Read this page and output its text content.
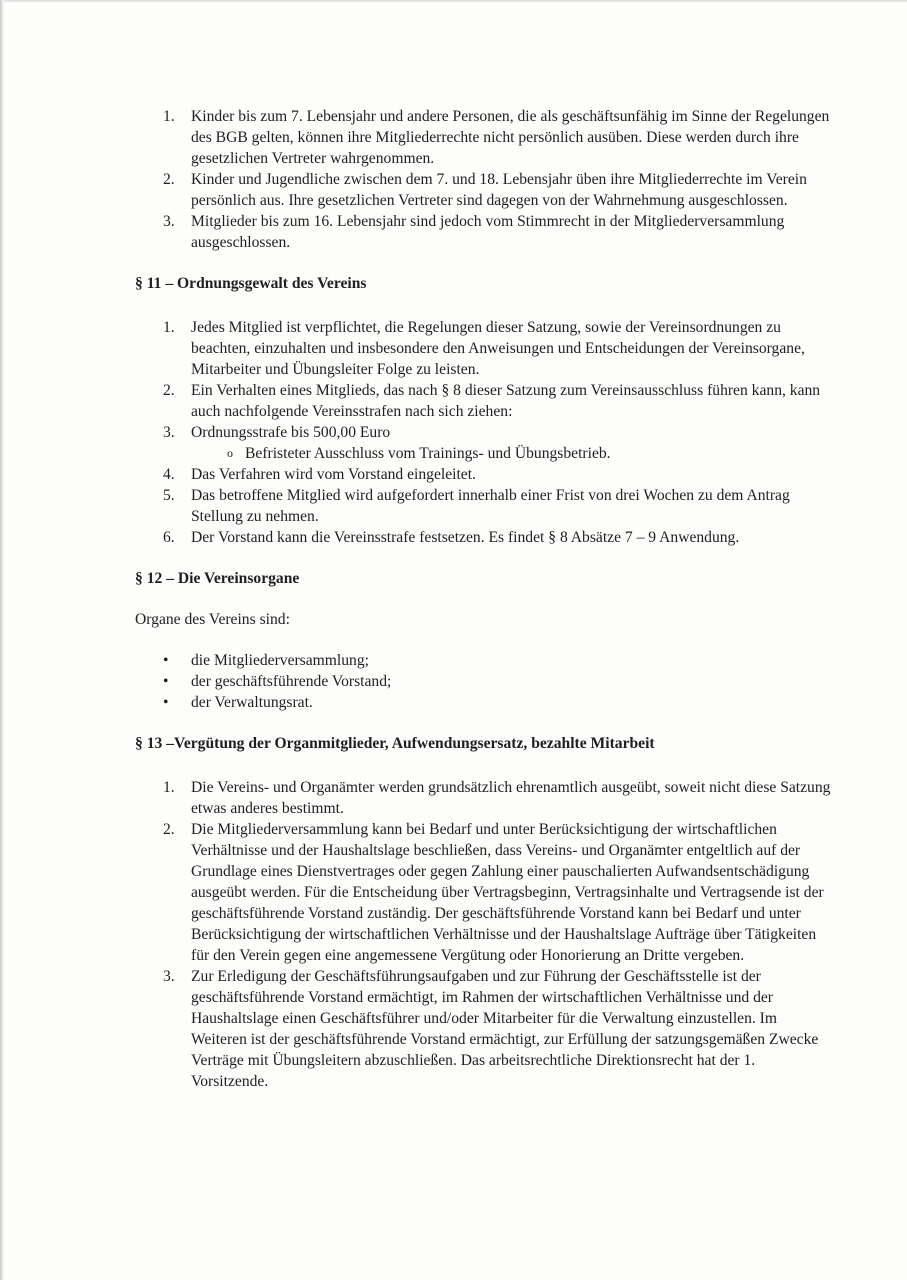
1. Kinder bis zum 7. Lebensjahr und andere Personen, die als geschäftsunfähig im Sinne der Regelungen des BGB gelten, können ihre Mitgliederrechte nicht persönlich ausüben. Diese werden durch ihre gesetzlichen Vertreter wahrgenommen.
2. Kinder und Jugendliche zwischen dem 7. und 18. Lebensjahr üben ihre Mitgliederrechte im Verein persönlich aus. Ihre gesetzlichen Vertreter sind dagegen von der Wahrnehmung ausgeschlossen.
3. Mitglieder bis zum 16. Lebensjahr sind jedoch vom Stimmrecht in der Mitgliederversammlung ausgeschlossen.
§ 11 – Ordnungsgewalt des Vereins
1. Jedes Mitglied ist verpflichtet, die Regelungen dieser Satzung, sowie der Vereinsordnungen zu beachten, einzuhalten und insbesondere den Anweisungen und Entscheidungen der Vereinsorgane, Mitarbeiter und Übungsleiter Folge zu leisten.
2. Ein Verhalten eines Mitglieds, das nach § 8 dieser Satzung zum Vereinsausschluss führen kann, kann auch nachfolgende Vereinsstrafen nach sich ziehen:
3. Ordnungsstrafe bis 500,00 Euro
o Befristeter Ausschluss vom Trainings- und Übungsbetrieb.
4. Das Verfahren wird vom Vorstand eingeleitet.
5. Das betroffene Mitglied wird aufgefordert innerhalb einer Frist von drei Wochen zu dem Antrag Stellung zu nehmen.
6. Der Vorstand kann die Vereinsstrafe festsetzen. Es findet § 8 Absätze 7 – 9 Anwendung.
§ 12 – Die Vereinsorgane

Organe des Vereins sind:

• die Mitgliederversammlung;
• der geschäftsführende Vorstand;
• der Verwaltungsrat.
§ 13 –Vergütung der Organmitglieder, Aufwendungsersatz, bezahlte Mitarbeit
1. Die Vereins- und Organämter werden grundsätzlich ehrenamtlich ausgeübt, soweit nicht diese Satzung etwas anderes bestimmt.
2. Die Mitgliederversammlung kann bei Bedarf und unter Berücksichtigung der wirtschaftlichen Verhältnisse und der Haushaltslage beschließen, dass Vereins- und Organämter entgeltlich auf der Grundlage eines Dienstvertrages oder gegen Zahlung einer pauschalierten Aufwandsentschädigung ausgeübt werden. Für die Entscheidung über Vertragsbeginn, Vertragsinhalte und Vertragsende ist der geschäftsführende Vorstand zuständig. Der geschäftsführende Vorstand kann bei Bedarf und unter Berücksichtigung der wirtschaftlichen Verhältnisse und der Haushaltslage Aufträge über Tätigkeiten für den Verein gegen eine angemessene Vergütung oder Honorierung an Dritte vergeben.
3. Zur Erledigung der Geschäftsführungsaufgaben und zur Führung der Geschäftsstelle ist der geschäftsführende Vorstand ermächtigt, im Rahmen der wirtschaftlichen Verhältnisse und der Haushaltslage einen Geschäftsführer und/oder Mitarbeiter für die Verwaltung einzustellen. Im Weiteren ist der geschäftsführende Vorstand ermächtigt, zur Erfüllung der satzungsgemäßen Zwecke Verträge mit Übungsleitern abzuschließen. Das arbeitsrechtliche Direktionsrecht hat der 1. Vorsitzende.
